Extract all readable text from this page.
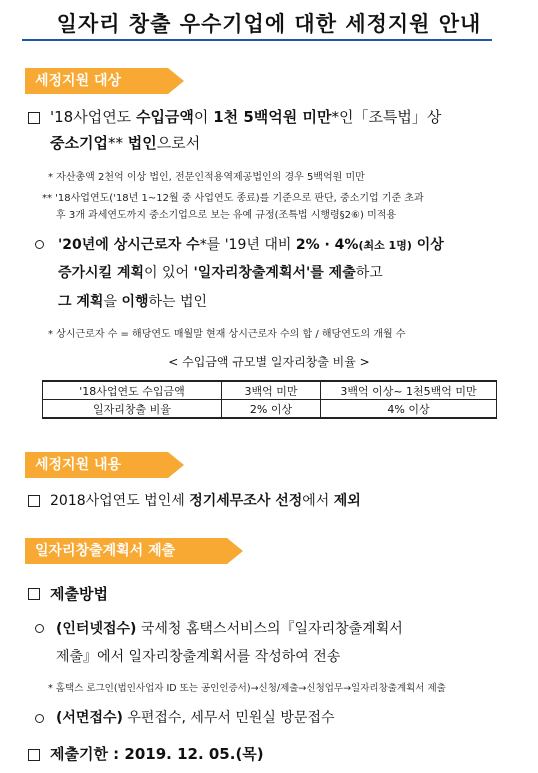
일자리 창출 우수기업에 대한 세정지원 안내
세정지원 대상
'18사업연도 수입금액이 1천 5백억원 미만*인「조특법」상
중소기업** 법인으로서
* 자산총액 2천억 이상 법인, 전문인적용역제공법인의 경우 5백억원 미만
** '18사업연도('18년 1~12월 중 사업연도 종료)를 기준으로 판단, 중소기업 기준 초과
후 3개 과세연도까지 중소기업으로 보는 유예 규정(조특법 시행령§2⑥) 미적용
'20년에 상시근로자 수*를 '19년 대비 2% · 4%(최소 1명) 이상
증가시킬 계획이 있어 '일자리창출계획서'를 제출하고
그 계획을 이행하는 법인
* 상시근로자 수 = 해당연도 매월말 현재 상시근로자 수의 합 / 해당연도의 개월 수
< 수입금액 규모별 일자리창출 비율 >
'18사업연도 수입금액	3백억 미만	3백억 이상~ 1천5백억 미만
일자리창출 비율	2% 이상	4% 이상
세정지원 내용
2018사업연도 법인세 정기세무조사 선정에서 제외
일자리창출계획서 제출
제출방법
(인터넷접수) 국세청 홈택스서비스의『일자리창출계획서
제출』에서 일자리창출계획서를 작성하여 전송
* 홈택스 로그인(법인사업자 ID 또는 공인인증서)→신청/제출→신청업무→일자리창출계획서 제출
(서면접수) 우편접수, 세무서 민원실 방문접수
제출기한 : 2019. 12. 05.(목)
